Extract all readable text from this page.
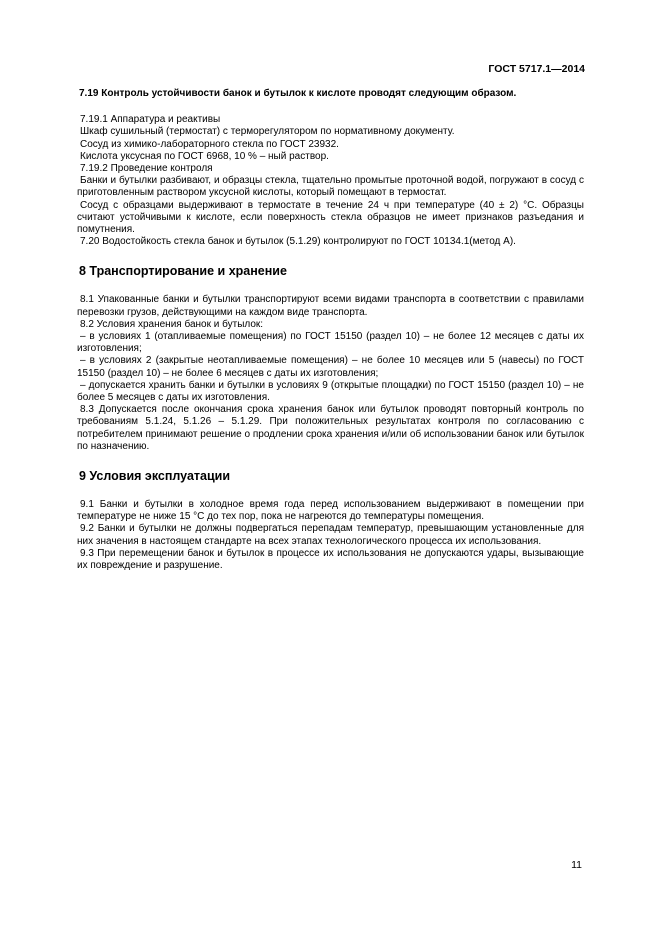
ГОСТ 5717.1—2014

7.19 Контроль устойчивости банок и бутылок к кислоте проводят следующим образом.

7.19.1 Аппаратура и реактивы

Шкаф сушильный (термостат) с терморегулятором по нормативному документу.

Сосуд из химико-лабораторного стекла по ГОСТ 23932.

Кислота уксусная по ГОСТ 6968, 10 % – ный раствор.

7.19.2 Проведение контроля

Банки и бутылки разбивают, и образцы стекла, тщательно промытые проточной водой, погружают в сосуд с приготовленным раствором уксусной кислоты, который помещают в термостат.

Сосуд с образцами выдерживают в термостате в течение 24 ч при температуре (40 ± 2) °С. Образцы считают устойчивыми к кислоте, если поверхность стекла образцов не имеет признаков разъедания и помутнения.

7.20 Водостойкость стекла банок и бутылок (5.1.29) контролируют по ГОСТ 10134.1(метод А).

8 Транспортирование и хранение

8.1 Упакованные банки и бутылки транспортируют всеми видами транспорта в соответствии с правилами перевозки грузов, действующими на каждом виде транспорта.

8.2 Условия хранения банок и бутылок:

– в условиях 1 (отапливаемые помещения) по ГОСТ 15150 (раздел 10) – не более 12 месяцев с даты их изготовления;

– в условиях 2 (закрытые неотапливаемые помещения) – не более 10 месяцев или 5 (навесы) по ГОСТ 15150 (раздел 10) – не более 6 месяцев с даты их изготовления;

– допускается хранить банки и бутылки в условиях 9 (открытые площадки) по ГОСТ 15150 (раздел 10) – не более 5 месяцев с даты их изготовления.

8.3 Допускается после окончания срока хранения банок или бутылок проводят повторный контроль по требованиям 5.1.24, 5.1.26 – 5.1.29. При положительных результатах контроля по согласованию с потребителем принимают решение о продлении срока хранения и/или об использовании банок или бутылок по назначению.

9 Условия эксплуатации

9.1 Банки и бутылки в холодное время года перед использованием выдерживают в помещении при температуре не ниже 15 °С до тех пор, пока не нагреются до температуры помещения.

9.2 Банки и бутылки не должны подвергаться перепадам температур, превышающим установленные для них значения в настоящем стандарте на всех этапах технологического процесса их использования.

9.3 При перемещении банок и бутылок в процессе их использования не допускаются удары, вызывающие их повреждение и разрушение.

11
